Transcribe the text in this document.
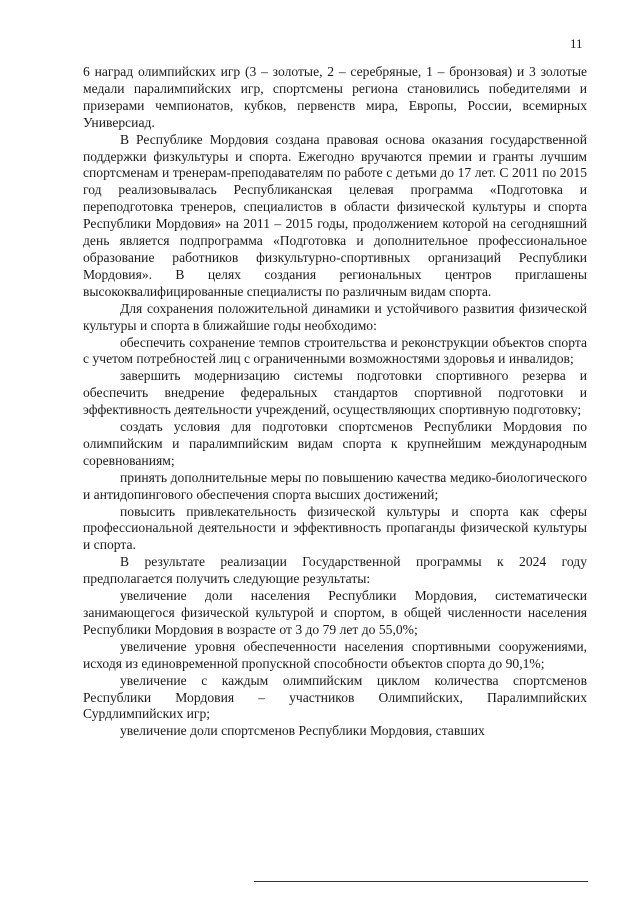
11

6 наград олимпийских игр (3 – золотые, 2 – серебряные, 1 – бронзовая) и 3 золотые медали паралимпийских игр, спортсмены региона становились победителями и призерами чемпионатов, кубков, первенств мира, Европы, России, всемирных Универсиад.

В Республике Мордовия создана правовая основа оказания государственной поддержки физкультуры и спорта. Ежегодно вручаются премии и гранты лучшим спортсменам и тренерам-преподавателям по работе с детьми до 17 лет. С 2011 по 2015 год реализовывалась Республиканская целевая программа «Подготовка и переподготовка тренеров, специалистов в области физической культуры и спорта Республики Мордовия» на 2011 – 2015 годы, продолжением которой на сегодняшний день является подпрограмма «Подготовка и дополнительное профессиональное образование работников физкультурно-спортивных организаций Республики Мордовия». В целях создания региональных центров приглашены высококвалифицированные специалисты по различным видам спорта.

Для сохранения положительной динамики и устойчивого развития физической культуры и спорта в ближайшие годы необходимо:

обеспечить сохранение темпов строительства и реконструкции объектов спорта с учетом потребностей лиц с ограниченными возможностями здоровья и инвалидов;

завершить модернизацию системы подготовки спортивного резерва и обеспечить внедрение федеральных стандартов спортивной подготовки и эффективность деятельности учреждений, осуществляющих спортивную подготовку;

создать условия для подготовки спортсменов Республики Мордовия по олимпийским и паралимпийским видам спорта к крупнейшим международным соревнованиям;

принять дополнительные меры по повышению качества медико-биологического и антидопингового обеспечения спорта высших достижений;

повысить привлекательность физической культуры и спорта как сферы профессиональной деятельности и эффективность пропаганды физической культуры и спорта.

В результате реализации Государственной программы к 2024 году предполагается получить следующие результаты:

увеличение доли населения Республики Мордовия, систематически занимающегося физической культурой и спортом, в общей численности населения Республики Мордовия в возрасте от 3 до 79 лет до 55,0%;

увеличение уровня обеспеченности населения спортивными сооружениями, исходя из единовременной пропускной способности объектов спорта до 90,1%;

увеличение с каждым олимпийским циклом количества спортсменов Республики Мордовия – участников Олимпийских, Паралимпийских Сурдлимпийских игр;

увеличение доли спортсменов Республики Мордовия, ставших
